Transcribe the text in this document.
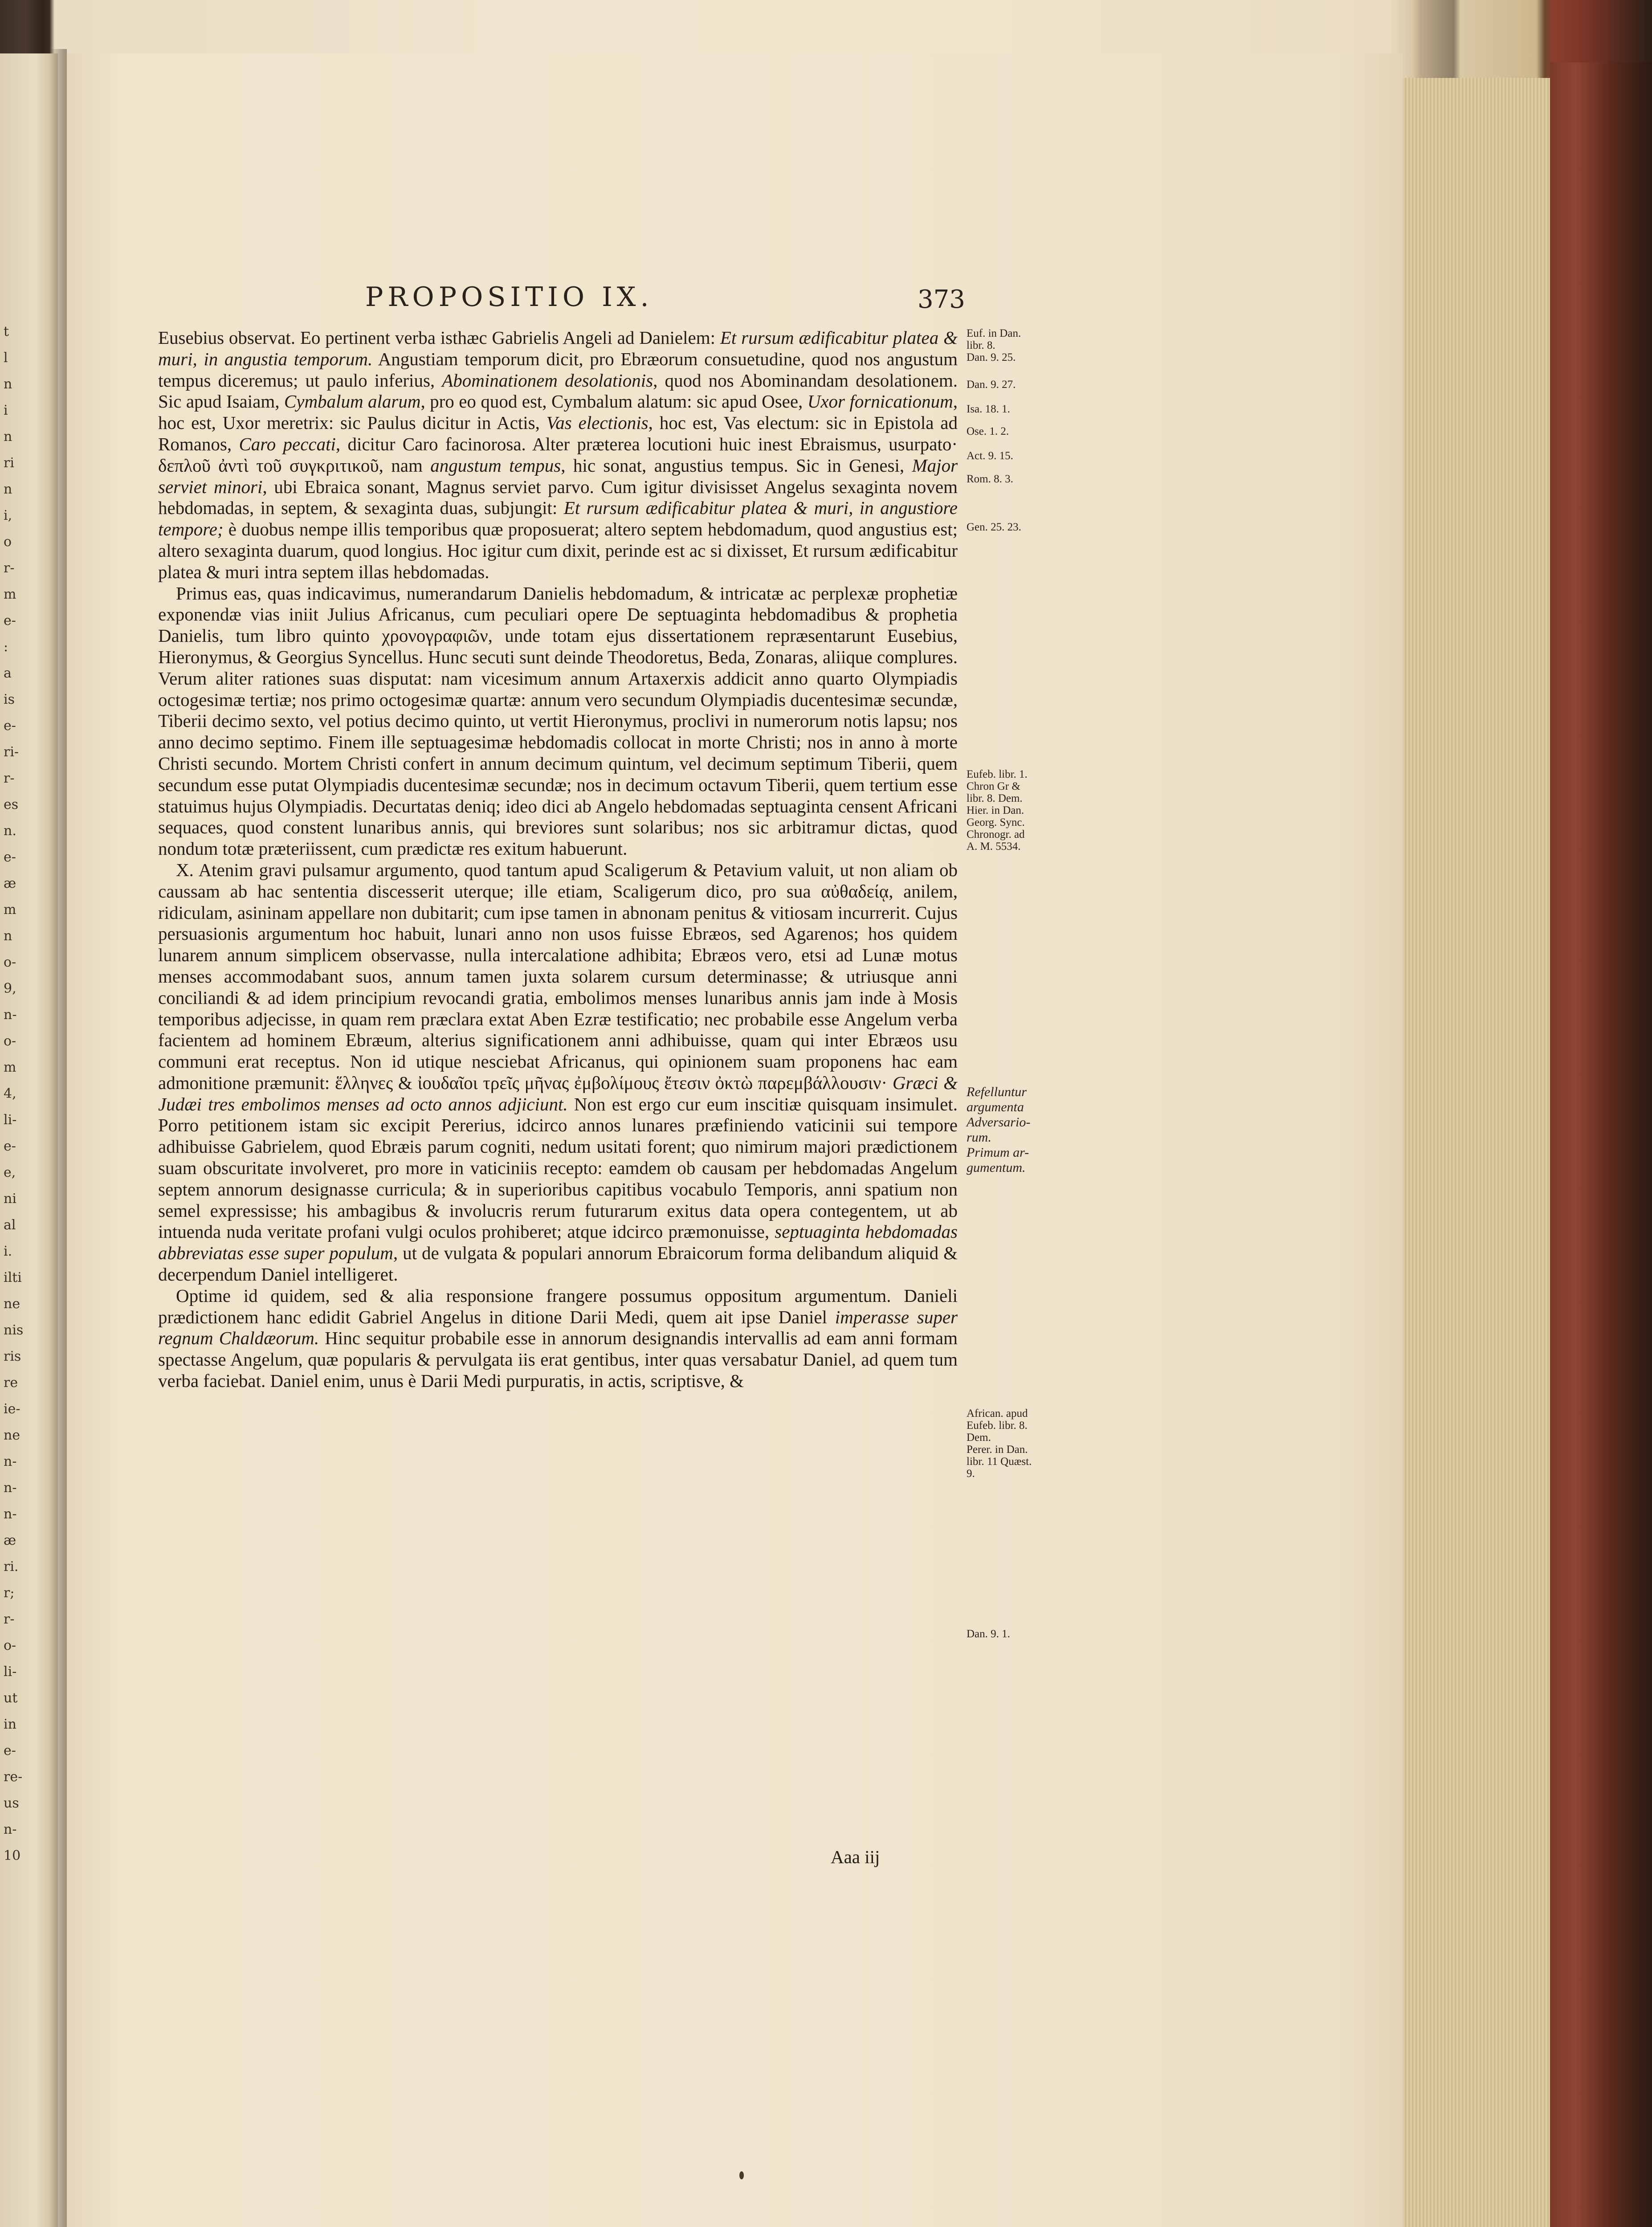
t
l
n
i
n
ri
n
i,
o
r-
m
e-
:
a
is
e-
ri-
r-
es
n.
e-
æ
m
n
o-
9,
n-
o-
m
4,
li-
e-
e,
ni
al
i.
ilti
ne
nis
ris
re
ie-
ne
n-
n-
n-
æ
ri.
r;
r-
o-
li-
ut
in
e-
re-
us
n-
10
PROPOSITIO IX.	373

Eusebius observat. Eo pertinent verba isthæc Gabrielis Angeli ad Danielem: Et rursum ædificabitur platea & muri, in angustia temporum. Angustiam temporum dicit, pro Ebræorum consuetudine, quod nos angustum tempus diceremus; ut paulo inferius, Abominationem desolationis, quod nos Abominandam desolationem. Sic apud Isaiam, Cymbalum alarum, pro eo quod est, Cymbalum alatum: sic apud Osee, Uxor fornicationum, hoc est, Uxor meretrix: sic Paulus dicitur in Actis, Vas electionis, hoc est, Vas electum: sic in Epistola ad Romanos, Caro peccati, dicitur Caro facinorosa. Alter præterea locutioni huic inest Ebraismus, usurpato· δεπλοῦ ἀντὶ τοῦ συγκριτικοῦ, nam angustum tempus, hic sonat, angustius tempus. Sic in Genesi, Major serviet minori, ubi Ebraica sonant, Magnus serviet parvo. Cum igitur divisisset Angelus sexaginta novem hebdomadas, in septem, & sexaginta duas, subjungit: Et rursum ædificabitur platea & muri, in angustiore tempore; è duobus nempe illis temporibus quæ proposuerat; altero septem hebdomadum, quod angustius est; altero sexaginta duarum, quod longius. Hoc igitur cum dixit, perinde est ac si dixisset, Et rursum ædificabitur platea & muri intra septem illas hebdomadas.

Primus eas, quas indicavimus, numerandarum Danielis hebdomadum, & intricatæ ac perplexæ prophetiæ exponendæ vias iniit Julius Africanus, cum peculiari opere De septuaginta hebdomadibus & prophetia Danielis, tum libro quinto χρονογραφιῶν, unde totam ejus dissertationem repræsentarunt Eusebius, Hieronymus, & Georgius Syncellus. Hunc secuti sunt deinde Theodoretus, Beda, Zonaras, aliique complures. Verum aliter rationes suas disputat: nam vicesimum annum Artaxerxis addicit anno quarto Olympiadis octogesimæ tertiæ; nos primo octogesimæ quartæ: annum vero secundum Olympiadis ducentesimæ secundæ, Tiberii decimo sexto, vel potius decimo quinto, ut vertit Hieronymus, proclivi in numerorum notis lapsu; nos anno decimo septimo. Finem ille septuagesimæ hebdomadis collocat in morte Christi; nos in anno à morte Christi secundo. Mortem Christi confert in annum decimum quintum, vel decimum septimum Tiberii, quem secundum esse putat Olympiadis ducentesimæ secundæ; nos in decimum octavum Tiberii, quem tertium esse statuimus hujus Olympiadis. Decurtatas deniq; ideo dici ab Angelo hebdomadas septuaginta censent Africani sequaces, quod constent lunaribus annis, qui breviores sunt solaribus; nos sic arbitramur dictas, quod nondum totæ præteriissent, cum prædictæ res exitum habuerunt.

X. Atenim gravi pulsamur argumento, quod tantum apud Scaligerum & Petavium valuit, ut non aliam ob caussam ab hac sententia discesserit uterque; ille etiam, Scaligerum dico, pro sua αὐθαδείᾳ, anilem, ridiculam, asininam appellare non dubitarit; cum ipse tamen in abnonam penitus & vitiosam incurrerit. Cujus persuasionis argumentum hoc habuit, lunari anno non usos fuisse Ebræos, sed Agarenos; hos quidem lunarem annum simplicem observasse, nulla intercalatione adhibita; Ebræos vero, etsi ad Lunæ motus menses accommodabant suos, annum tamen juxta solarem cursum determinasse; & utriusque anni conciliandi & ad idem principium revocandi gratia, embolimos menses lunaribus annis jam inde à Mosis temporibus adjecisse, in quam rem præclara extat Aben Ezræ testificatio; nec probabile esse Angelum verba facientem ad hominem Ebræum, alterius significationem anni adhibuisse, quam qui inter Ebræos usu communi erat receptus. Non id utique nesciebat Africanus, qui opinionem suam proponens hac eam admonitione præmunit: ἕλληνες & ἰουδαῖοι τρεῖς μῆνας ἐμβολίμους ἔτεσιν ὀκτὼ παρεμβάλλουσιν· Græci & Judæi tres embolimos menses ad octo annos adjiciunt. Non est ergo cur eum inscitiæ quisquam insimulet. Porro petitionem istam sic excipit Pererius, idcirco annos lunares præfiniendo vaticinii sui tempore adhibuisse Gabrielem, quod Ebræis parum cogniti, nedum usitati forent; quo nimirum majori prædictionem suam obscuritate involveret, pro more in vaticiniis recepto: eamdem ob causam per hebdomadas Angelum septem annorum designasse curricula; & in superioribus capitibus vocabulo Temporis, anni spatium non semel expressisse; his ambagibus & involucris rerum futurarum exitus data opera contegentem, ut ab intuenda nuda veritate profani vulgi oculos prohiberet; atque idcirco præmonuisse, septuaginta hebdomadas abbreviatas esse super populum, ut de vulgata & populari annorum Ebraicorum forma delibandum aliquid & decerpendum Daniel intelligeret.

Optime id quidem, sed & alia responsione frangere possumus oppositum argumentum. Danieli prædictionem hanc edidit Gabriel Angelus in ditione Darii Medi, quem ait ipse Daniel imperasse super regnum Chaldæorum. Hinc sequitur probabile esse in annorum designandis intervallis ad eam anni formam spectasse Angelum, quæ popularis & pervulgata iis erat gentibus, inter quas versabatur Daniel, ad quem tum verba faciebat. Daniel enim, unus è Darii Medi purpuratis, in actis, scriptisve, &

Euf. in Dan.
libr. 8.
Dan. 9. 25.
Dan. 9. 27.
Isa. 18. 1.
Ose. 1. 2.
Act. 9. 15.
Rom. 8. 3.
Gen. 25. 23.
Eufeb. libr. 1.
Chron Gr &
libr. 8. Dem.
Hier. in Dan.
Georg. Sync.
Chronogr. ad
A. M. 5534.
Refelluntur
argumenta
Adversario-
rum.
Primum ar-
gumentum.
African. apud
Eufeb. libr. 8.
Dem.
Perer. in Dan.
libr. 11 Quæst.
9.
Dan. 9. 1.
Aaa iij
